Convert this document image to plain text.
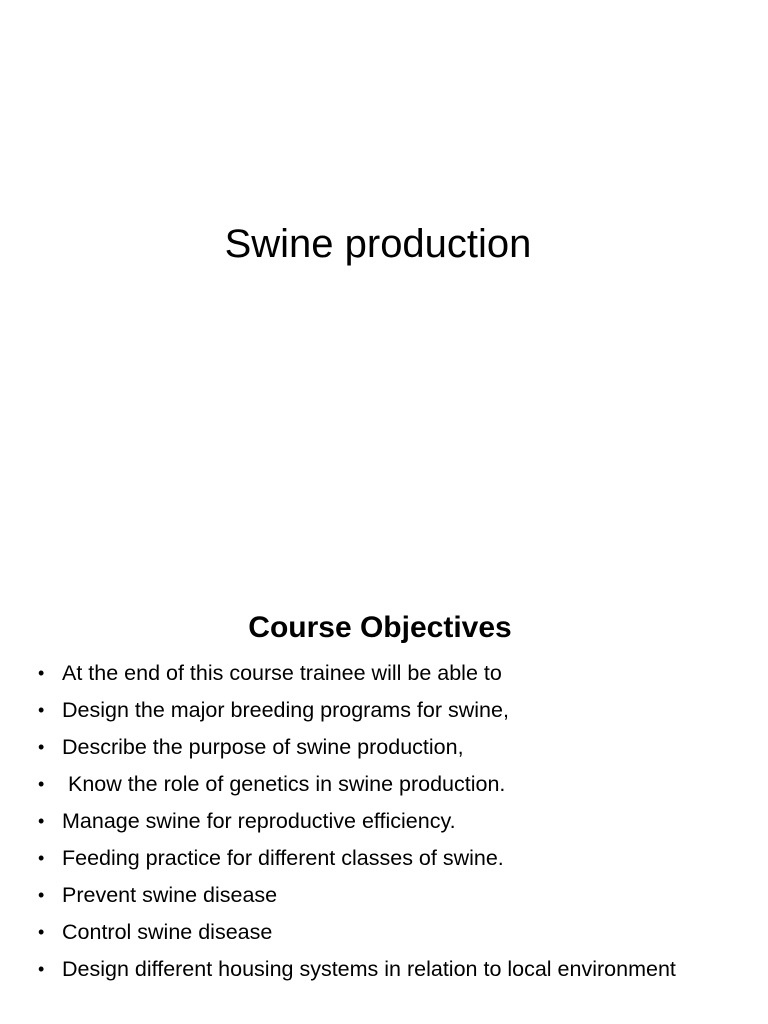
Swine production
Course Objectives
• At the end of this course trainee will be able to
• Design the major breeding programs for swine,
• Describe the purpose of swine production,
• Know the role of genetics in swine production.
• Manage swine for reproductive efficiency.
• Feeding practice for different classes of swine.
• Prevent swine disease
• Control swine disease
• Design different housing systems in relation to local environment
